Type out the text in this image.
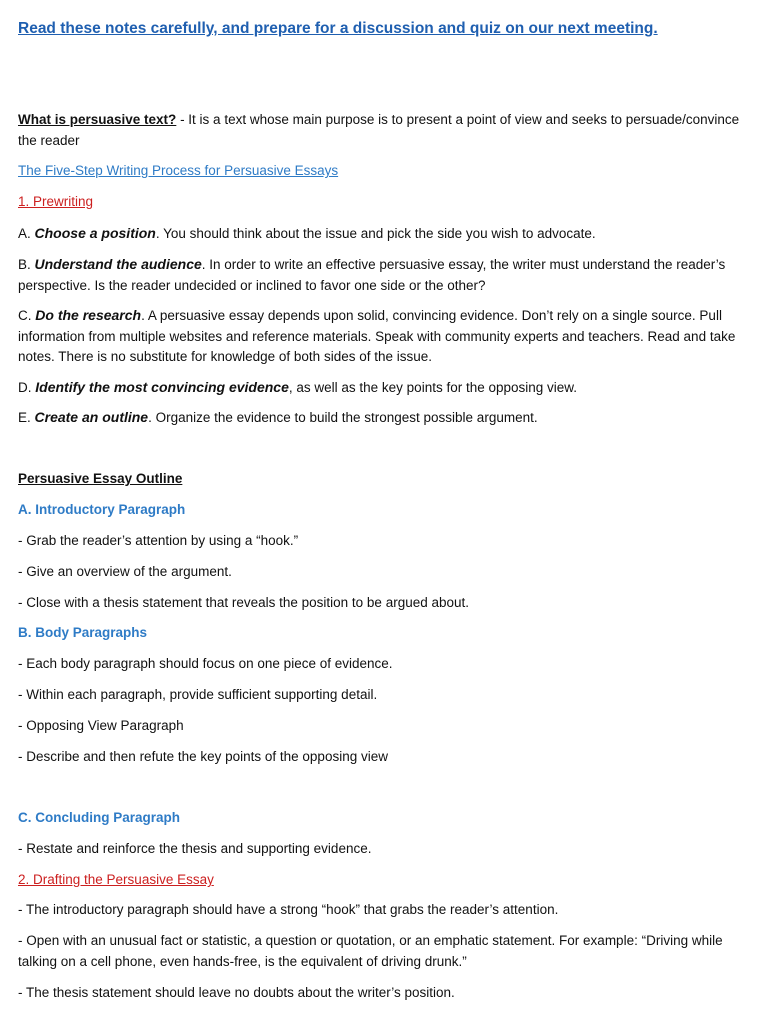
Read these notes carefully, and prepare for a discussion and quiz on our next meeting.

What is persuasive text? - It is a text whose main purpose is to present a point of view and seeks to persuade/convince the reader

The Five-Step Writing Process for Persuasive Essays

1. Prewriting

A. Choose a position. You should think about the issue and pick the side you wish to advocate.

B. Understand the audience. In order to write an effective persuasive essay, the writer must understand the reader’s perspective. Is the reader undecided or inclined to favor one side or the other?

C. Do the research. A persuasive essay depends upon solid, convincing evidence. Don’t rely on a single source. Pull information from multiple websites and reference materials. Speak with community experts and teachers. Read and take notes. There is no substitute for knowledge of both sides of the issue.

D. Identify the most convincing evidence, as well as the key points for the opposing view.

E. Create an outline. Organize the evidence to build the strongest possible argument.

Persuasive Essay Outline

A. Introductory Paragraph

- Grab the reader’s attention by using a “hook.”

- Give an overview of the argument.

- Close with a thesis statement that reveals the position to be argued about.

B. Body Paragraphs

- Each body paragraph should focus on one piece of evidence.

- Within each paragraph, provide sufficient supporting detail.

- Opposing View Paragraph

- Describe and then refute the key points of the opposing view

C. Concluding Paragraph

- Restate and reinforce the thesis and supporting evidence.

2. Drafting the Persuasive Essay

- The introductory paragraph should have a strong “hook” that grabs the reader’s attention.

- Open with an unusual fact or statistic, a question or quotation, or an emphatic statement. For example: “Driving while talking on a cell phone, even hands-free, is the equivalent of driving drunk.”

- The thesis statement should leave no doubts about the writer’s position.
